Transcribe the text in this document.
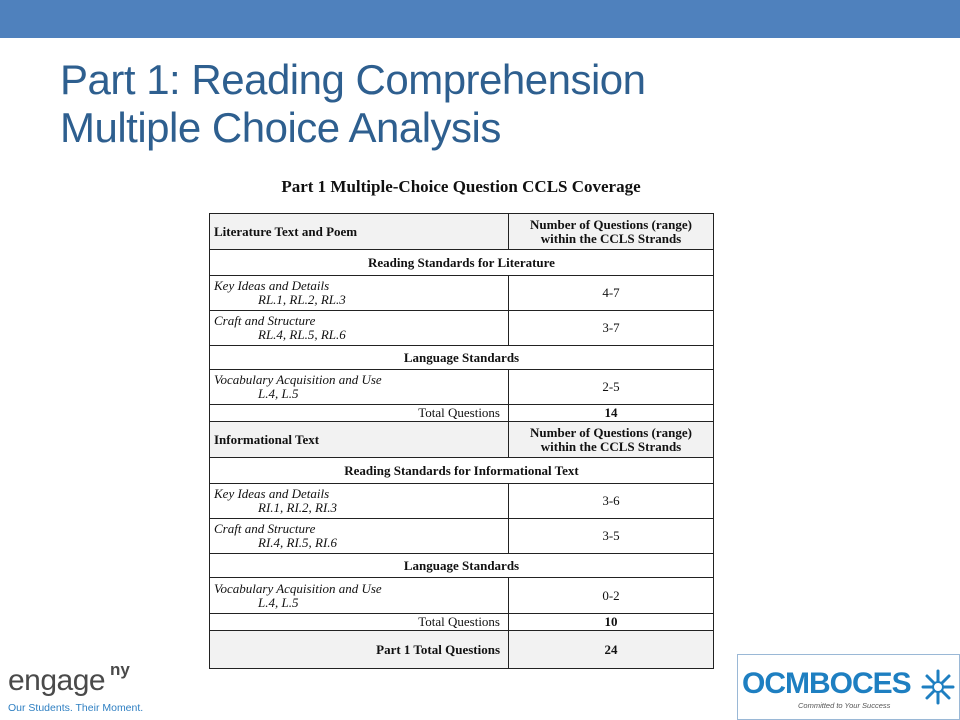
Part 1: Reading Comprehension
Multiple Choice Analysis
Part 1 Multiple-Choice Question CCLS Coverage
Literature Text and Poem	Number of Questions (range) within the CCLS Strands
Reading Standards for Literature	
Key Ideas and Details
RL.1, RL.2, RL.3	4-7
Craft and Structure
RL.4, RL.5, RL.6	3-7
Language Standards	
Vocabulary Acquisition and Use
L.4, L.5	2-5
Total Questions	14
Informational Text	Number of Questions (range) within the CCLS Strands
Reading Standards for Informational Text	
Key Ideas and Details
RI.1, RI.2, RI.3	3-6
Craft and Structure
RI.4, RI.5, RI.6	3-5
Language Standards	
Vocabulary Acquisition and Use
L.4, L.5	0-2
Total Questions	10
Part 1 Total Questions	24
engage ny
Our Students. Their Moment.
OCMBOCES
Committed to Your Success
